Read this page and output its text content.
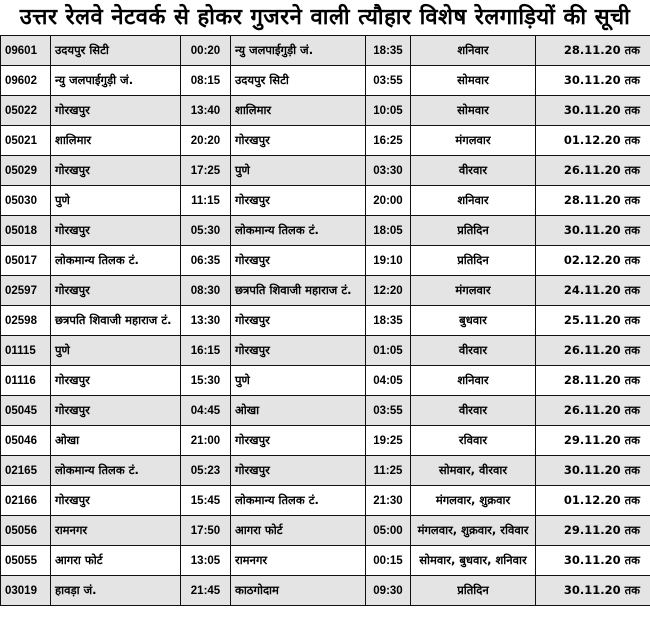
उत्तर रेलवे नेटवर्क से होकर गुजरने वाली त्यौहार विशेष रेलगाड़ियों की सूची
09601	उदयपुर सिटी	00:20	न्यु जलपाईगुड़ी जं.	18:35	शनिवार	28.11.20 तक
09602	न्यु जलपाईगुड़ी जं.	08:15	उदयपुर सिटी	03:55	सोमवार	30.11.20 तक
05022	गोरखपुर	13:40	शालिमार	10:05	सोमवार	30.11.20 तक
05021	शालिमार	20:20	गोरखपुर	16:25	मंगलवार	01.12.20 तक
05029	गोरखपुर	17:25	पुणे	03:30	वीरवार	26.11.20 तक
05030	पुणे	11:15	गोरखपुर	20:00	शनिवार	28.11.20 तक
05018	गोरखपुर	05:30	लोकमान्य तिलक टं.	18:05	प्रतिदिन	30.11.20 तक
05017	लोकमान्य तिलक टं.	06:35	गोरखपुर	19:10	प्रतिदिन	02.12.20 तक
02597	गोरखपुर	08:30	छत्रपति शिवाजी महाराज टं.	12:20	मंगलवार	24.11.20 तक
02598	छत्रपति शिवाजी महाराज टं.	13:30	गोरखपुर	18:35	बुधवार	25.11.20 तक
01115	पुणे	16:15	गोरखपुर	01:05	वीरवार	26.11.20 तक
01116	गोरखपुर	15:30	पुणे	04:05	शनिवार	28.11.20 तक
05045	गोरखपुर	04:45	ओखा	03:55	वीरवार	26.11.20 तक
05046	ओखा	21:00	गोरखपुर	19:25	रविवार	29.11.20 तक
02165	लोकमान्य तिलक टं.	05:23	गोरखपुर	11:25	सोमवार, वीरवार	30.11.20 तक
02166	गोरखपुर	15:45	लोकमान्य तिलक टं.	21:30	मंगलवार, शुक्रवार	01.12.20 तक
05056	रामनगर	17:50	आगरा फोर्ट	05:00	मंगलवार, शुक्रवार, रविवार	29.11.20 तक
05055	आगरा फोर्ट	13:05	रामनगर	00:15	सोमवार, बुधवार, शनिवार	30.11.20 तक
03019	हावड़ा जं.	21:45	काठगोदाम	09:30	प्रतिदिन	30.11.20 तक
